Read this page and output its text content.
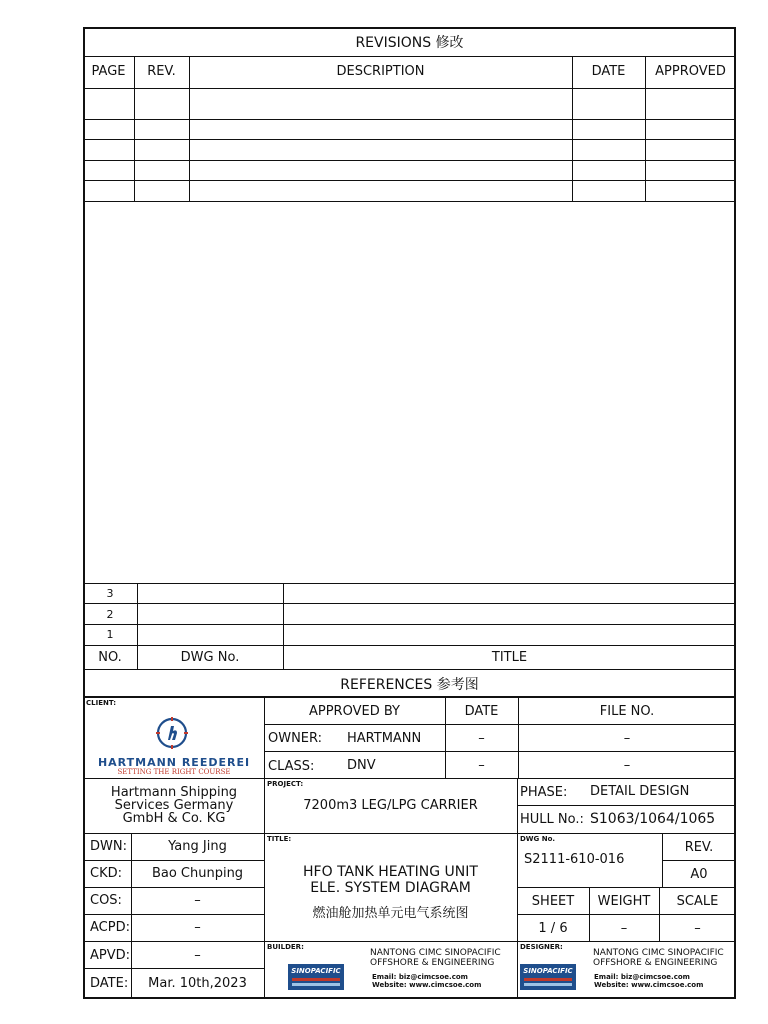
REVISIONS 修改
PAGE	REV.	DESCRIPTION	DATE	APPROVED
3
2
1
NO.	DWG No.	TITLE
REFERENCES 参考图
CLIENT:
HARTMANN REEDEREI
SETTING THE RIGHT COURSE
Hartmann Shipping
Services Germany
GmbH & Co. KG
APPROVED BY	DATE	FILE NO.
OWNER: HARTMANN	–	–
CLASS:	DNV	–	–
PROJECT:
7200m3 LEG/LPG CARRIER
PHASE: DETAIL DESIGN
HULL No.: S1063/1064/1065
DWN:	Yang Jing
CKD:	Bao Chunping
COS:	–
ACPD:	–
APVD:	–
DATE:	Mar. 10th,2023
TITLE:
HFO TANK HEATING UNIT
ELE. SYSTEM DIAGRAM
燃油舱加热单元电气系统图
DWG No.
S2111-610-016
REV.
A0
SHEET	WEIGHT	SCALE
1 / 6	–	–
BUILDER:
SINOPACIFIC
NANTONG CIMC SINOPACIFIC
OFFSHORE & ENGINEERING
Email: biz@cimcsoe.com
Website: www.cimcsoe.com
DESIGNER:
SINOPACIFIC
NANTONG CIMC SINOPACIFIC
OFFSHORE & ENGINEERING
Email: biz@cimcsoe.com
Website: www.cimcsoe.com
